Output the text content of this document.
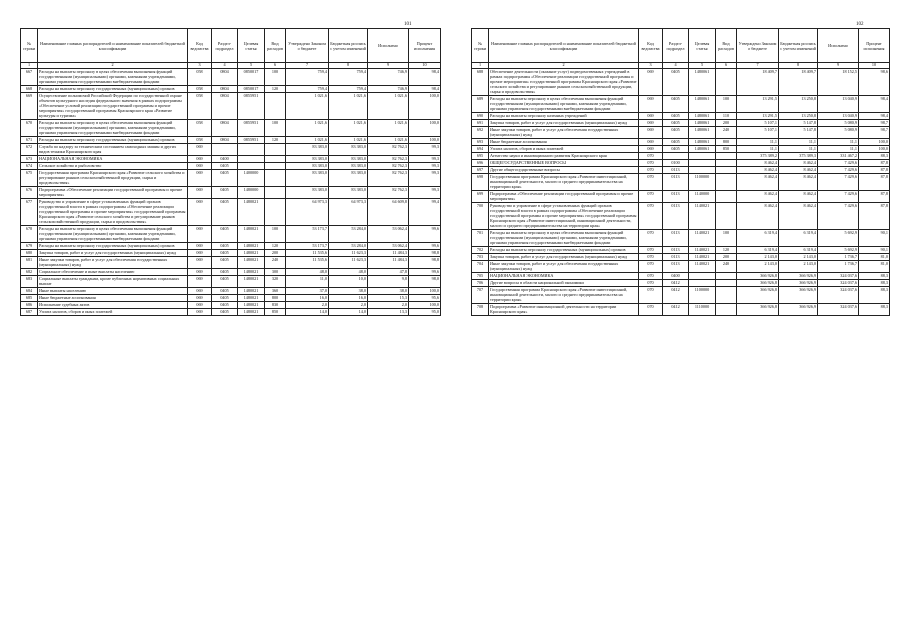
101	102
№ строки	Наименование главных распорядителей и наименование показателей бюджетной классификации	Код ведомства	Раздел-подраздел	Целевая статья	Вид расходов	Утверждено Законом о бюджете	Бюджетная роспись с учетом изменений	Исполнено	Процент исполнения
1	2	3	4	5	6	7	8	9	10
667	Расходы на выплаты персоналу в целях обеспечения выполнения функций государственными (муниципальными) органами, казенными учреждениями, органами управления государственными внебюджетными фондами	058	0804	0850017	100	759,4	759,4	746,9	98,4
668	Расходы на выплаты персоналу государственных (муниципальных) органов	058	0804	0850017	120	759,4	759,4	746,9	98,4
669	Осуществление полномочий Российской Федерации по государственной охране объектов культурного наследия федерального значения в рамках подпрограммы «Обеспечение условий реализации государственной программы и прочие мероприятия» государственной программы Красноярского края «Развитие культуры и туризма»	058	0804	0855951		1 021,6	1 021,6	1 021,6	100,0
670	Расходы на выплаты персоналу в целях обеспечения выполнения функций государственными (муниципальными) органами, казенными учреждениями, органами управления государственными внебюджетными фондами	058	0804	0855951	100	1 021,6	1 021,6	1 021,6	100,0
671	Расходы на выплаты персоналу государственных (муниципальных) органов	058	0804	0855951	120	1 021,6	1 021,6	1 021,6	100,0
672	Служба по надзору за техническим состоянием самоходных машин и других видов техники Красноярского края	069				83 383,0	83 383,0	82 762,3	99,3
673	НАЦИОНАЛЬНАЯ ЭКОНОМИКА	069	0400			83 383,0	83 383,0	82 762,3	99,3
674	Сельское хозяйство и рыболовство	069	0405			83 383,0	83 383,0	82 762,3	99,3
675	Государственная программа Красноярского края «Развитие сельского хозяйства и регулирование рынков сельскохозяйственной продукции, сырья и продовольствия»	069	0405	1400000		83 383,0	83 383,0	82 762,3	99,3
676	Подпрограмма «Обеспечение реализации государственной программы и прочие мероприятия»	069	0405	1480000		83 383,0	83 383,0	82 762,3	99,3
677	Руководство и управление в сфере установленных функций органов государственной власти в рамках подпрограммы «Обеспечение реализации государственной программы и прочие мероприятия» государственной программы Красноярского края «Развитие сельского хозяйства и регулирование рынков сельскохозяйственной продукции, сырья и продовольствия»	069	0405	1480021		64 973,3	64 973,3	64 609,8	99,4
678	Расходы на выплаты персоналу в целях обеспечения выполнения функций государственными (муниципальными) органами, казенными учреждениями, органами управления государственными внебюджетными фондами	069	0405	1480021	100	53 173,7	53 284,0	53 062,4	99,6
679	Расходы на выплаты персоналу государственных (муниципальных) органов	069	0405	1480021	120	53 173,7	53 284,0	53 062,4	99,6
680	Закупка товаров, работ и услуг для государственных (муниципальных) нужд	069	0405	1480021	200	11 535,6	11 623,3	11 484,3	98,8
681	Иные закупки товаров, работ и услуг для обеспечения государственных (муниципальных) нужд	069	0405	1480021	240	11 535,6	11 623,3	11 484,3	98,8
682	Социальное обеспечение и иные выплаты населению	069	0405	1480021	300	48,0	48,0	47,8	99,6
683	Социальные выплаты гражданам, кроме публичных нормативных социальных выплат	069	0405	1480021	320	11,0	10,0	9,8	98,0
684	Иные выплаты населению	069	0405	1480021	360	37,0	38,0	38,0	100,0
685	Иные бюджетные ассигнования	069	0405	1480021	800	16,0	16,0	15,3	95,6
686	Исполнение судебных актов	069	0405	1480021	830	2,0	2,0	2,0	100,0
687	Уплата налогов, сборов и иных платежей	069	0405	1480021	850	14,0	14,0	13,3	95,0
№ строки	Наименование главных распорядителей и наименование показателей бюджетной классификации	Код ведомства	Раздел-подраздел	Целевая статья	Вид расходов	Утверждено Законом о бюджете	Бюджетная роспись с учетом изменений	Исполнено	Процент исполнения
1	2	3	4	5	6	7	8	9	10
688	Обеспечение деятельности (оказание услуг) подведомственных учреждений в рамках подпрограммы «Обеспечение реализации государственной программы и прочие мероприятия» государственной программы Красноярского края «Развитие сельского хозяйства и регулирование рынков сельскохозяйственной продукции, сырья и продовольствия»	069	0405	1480061		18 409,7	18 409,7	18 152,5	98,6
689	Расходы на выплаты персоналу в целях обеспечения выполнения функций государственными (муниципальными) органами, казенными учреждениями, органами управления государственными внебюджетными фондами	069	0405	1480061	100	13 291,5	13 250,8	13 040,9	98,4
690	Расходы на выплаты персоналу казенных учреждений	069	0405	1480061	110	13 291,5	13 250,8	13 040,9	98,4
691	Закупка товаров, работ и услуг для государственных (муниципальных) нужд	069	0405	1480061	200	5 107,1	5 147,8	5 080,9	98,7
692	Иные закупки товаров, работ и услуг для обеспечения государственных (муниципальных) нужд	069	0405	1480061	240	5 107,1	5 147,8	5 080,9	98,7
693	Иные бюджетные ассигнования	069	0405	1480061	800	11,1	11,1	11,1	100,0
694	Уплата налогов, сборов и иных платежей	069	0405	1480061	850	11,1	11,1	11,1	100,0
695	Агентство науки и инновационного развития Красноярского края	070				375 389,2	375 389,3	331 467,2	88,3
696	ОБЩЕГОСУДАРСТВЕННЫЕ ВОПРОСЫ	070	0100			8 462,4	8 462,4	7 429,6	87,8
697	Другие общегосударственные вопросы	070	0113			8 462,4	8 462,4	7 429,6	87,8
698	Государственная программа Красноярского края «Развитие инвестиционной, инновационной деятельности, малого и среднего предпринимательства на территории края»	070	0113	1100000		8 462,4	8 462,4	7 429,6	87,8
699	Подпрограмма «Обеспечение реализации государственной программы и прочие мероприятия»	070	0113	1140000		8 462,4	8 462,4	7 429,6	87,8
700	Руководство и управление в сфере установленных функций органов государственной власти в рамках подпрограммы «Обеспечение реализации государственной программы и прочие мероприятия» государственной программы Красноярского края «Развитие инвестиционной, инновационной деятельности, малого и среднего предпринимательства на территории края»	070	0113	1140021		8 462,4	8 462,4	7 429,6	87,8
701	Расходы на выплаты персоналу в целях обеспечения выполнения функций государственными (муниципальными) органами, казенными учреждениями, органами управления государственными внебюджетными фондами	070	0113	1140021	100	6 319,4	6 319,4	5 692,9	90,1
702	Расходы на выплаты персоналу государственных (муниципальных) органов	070	0113	1140021	120	6 319,4	6 319,4	5 692,9	90,1
703	Закупка товаров, работ и услуг для государственных (муниципальных) нужд	070	0113	1140021	200	2 143,0	2 143,0	1 736,7	81,0
704	Иные закупки товаров, работ и услуг для обеспечения государственных (муниципальных) нужд	070	0113	1140021	240	2 143,0	2 143,0	1 736,7	81,0
705	НАЦИОНАЛЬНАЯ ЭКОНОМИКА	070	0400			366 926,8	366 926,9	324 037,6	88,3
706	Другие вопросы в области национальной экономики	070	0412			366 926,8	366 926,9	324 037,6	88,3
707	Государственная программа Красноярского края «Развитие инвестиционной, инновационной деятельности, малого и среднего предпринимательства на территории края»	070	0412	1100000		366 926,8	366 926,9	324 037,6	88,3
708	Подпрограмма «Развитие инновационной деятельности на территории Красноярского края»	070	0412	1110000		366 926,8	366 926,9	324 037,6	88,3
